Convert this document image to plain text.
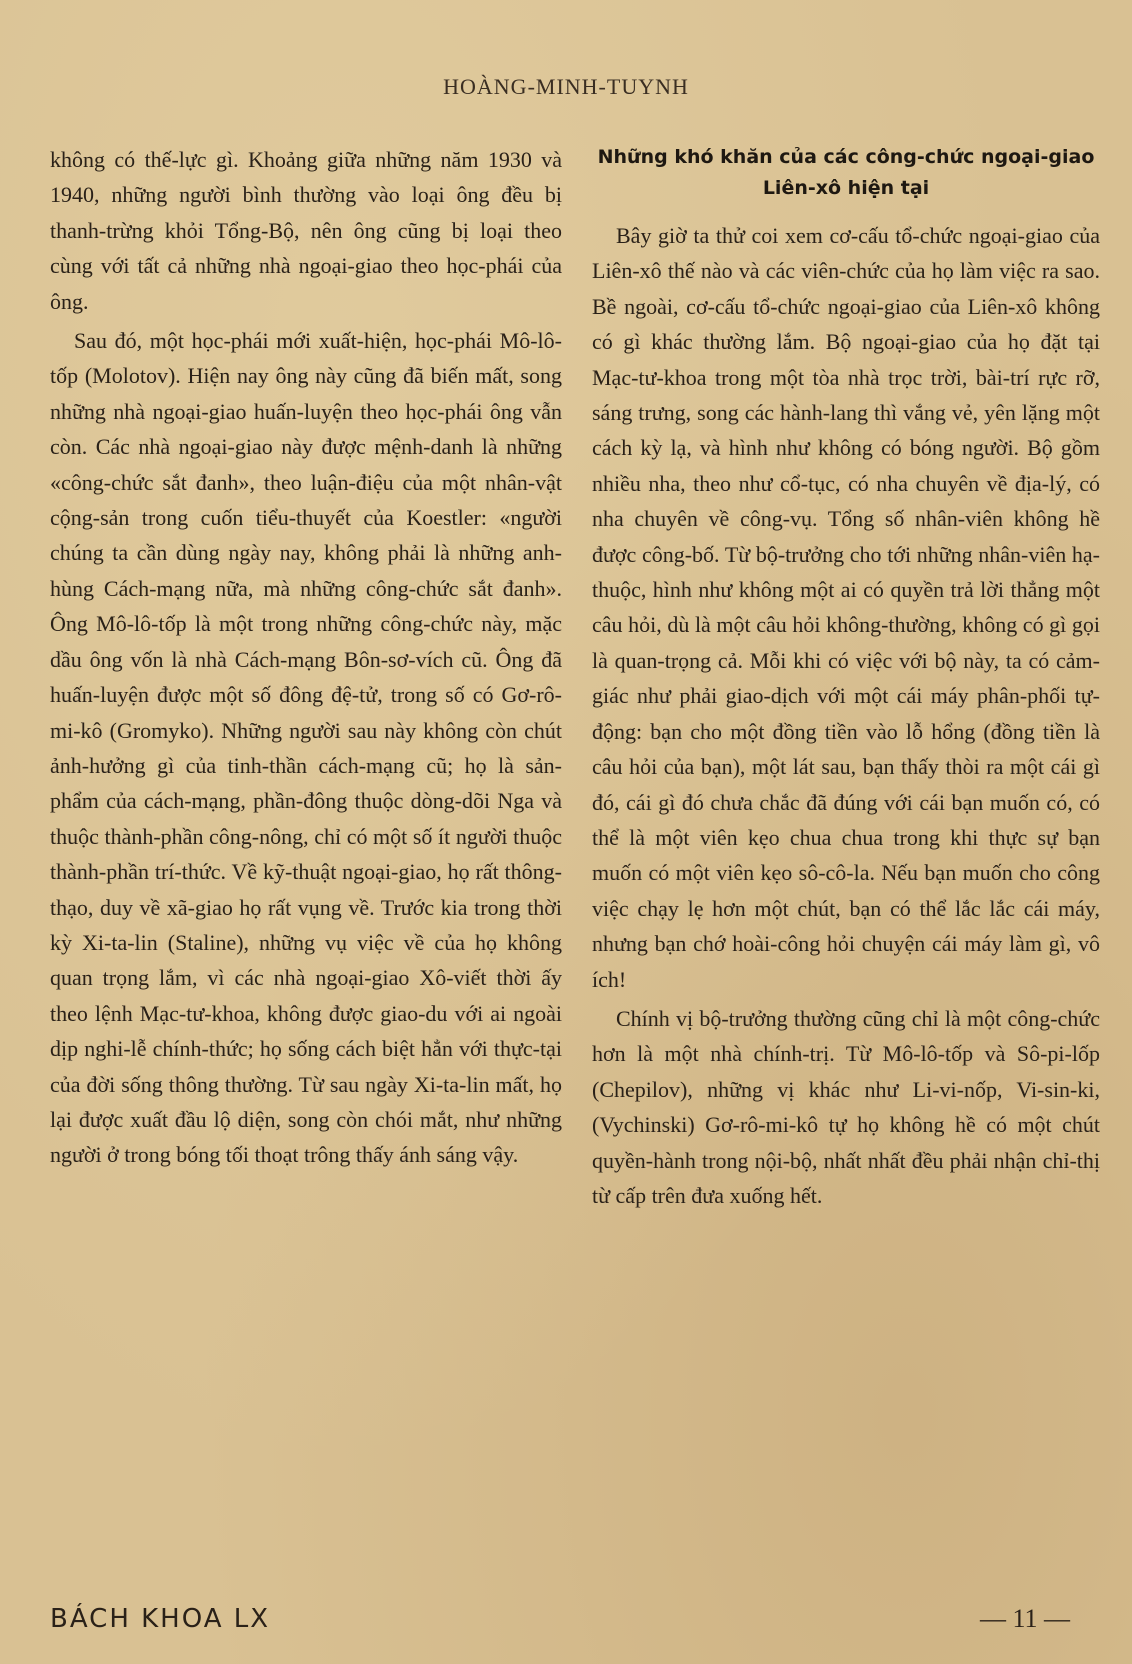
HOÀNG-MINH-TUYNH

không có thế-lực gì. Khoảng giữa những năm 1930 và 1940, những người bình thường vào loại ông đều bị thanh-trừng khỏi Tổng-Bộ, nên ông cũng bị loại theo cùng với tất cả những nhà ngoại-giao theo học-phái của ông.

Sau đó, một học-phái mới xuất-hiện, học-phái Mô-lô-tốp (Molotov). Hiện nay ông này cũng đã biến mất, song những nhà ngoại-giao huấn-luyện theo học-phái ông vẫn còn. Các nhà ngoại-giao này được mệnh-danh là những «công-chức sắt đanh», theo luận-điệu của một nhân-vật cộng-sản trong cuốn tiểu-thuyết của Koestler: «người chúng ta cần dùng ngày nay, không phải là những anh-hùng Cách-mạng nữa, mà những công-chức sắt đanh». Ông Mô-lô-tốp là một trong những công-chức này, mặc dầu ông vốn là nhà Cách-mạng Bôn-sơ-vích cũ. Ông đã huấn-luyện được một số đông đệ-tử, trong số có Gơ-rô-mi-kô (Gromyko). Những người sau này không còn chút ảnh-hưởng gì của tinh-thần cách-mạng cũ; họ là sản-phẩm của cách-mạng, phần-đông thuộc dòng-dõi Nga và thuộc thành-phần công-nông, chỉ có một số ít người thuộc thành-phần trí-thức. Về kỹ-thuật ngoại-giao, họ rất thông-thạo, duy về xã-giao họ rất vụng về. Trước kia trong thời kỳ Xi-ta-lin (Staline), những vụ việc về của họ không quan trọng lắm, vì các nhà ngoại-giao Xô-viết thời ấy theo lệnh Mạc-tư-khoa, không được giao-du với ai ngoài dịp nghi-lễ chính-thức; họ sống cách biệt hẳn với thực-tại của đời sống thông thường. Từ sau ngày Xi-ta-lin mất, họ lại được xuất đầu lộ diện, song còn chói mắt, như những người ở trong bóng tối thoạt trông thấy ánh sáng vậy.

Những khó khăn của các công-chức ngoại-giao Liên-xô hiện tại

Bây giờ ta thử coi xem cơ-cấu tổ-chức ngoại-giao của Liên-xô thế nào và các viên-chức của họ làm việc ra sao. Bề ngoài, cơ-cấu tổ-chức ngoại-giao của Liên-xô không có gì khác thường lắm. Bộ ngoại-giao của họ đặt tại Mạc-tư-khoa trong một tòa nhà trọc trời, bài-trí rực rỡ, sáng trưng, song các hành-lang thì vắng vẻ, yên lặng một cách kỳ lạ, và hình như không có bóng người. Bộ gồm nhiều nha, theo như cổ-tục, có nha chuyên về địa-lý, có nha chuyên về công-vụ. Tổng số nhân-viên không hề được công-bố. Từ bộ-trưởng cho tới những nhân-viên hạ-thuộc, hình như không một ai có quyền trả lời thẳng một câu hỏi, dù là một câu hỏi không-thường, không có gì gọi là quan-trọng cả. Mỗi khi có việc với bộ này, ta có cảm-giác như phải giao-dịch với một cái máy phân-phối tự-động: bạn cho một đồng tiền vào lỗ hổng (đồng tiền là câu hỏi của bạn), một lát sau, bạn thấy thòi ra một cái gì đó, cái gì đó chưa chắc đã đúng với cái bạn muốn có, có thể là một viên kẹo chua chua trong khi thực sự bạn muốn có một viên kẹo sô-cô-la. Nếu bạn muốn cho công việc chạy lẹ hơn một chút, bạn có thể lắc lắc cái máy, nhưng bạn chớ hoài-công hỏi chuyện cái máy làm gì, vô ích!

Chính vị bộ-trưởng thường cũng chỉ là một công-chức hơn là một nhà chính-trị. Từ Mô-lô-tốp và Sô-pi-lốp (Chepilov), những vị khác như Li-vi-nốp, Vi-sin-ki, (Vychinski) Gơ-rô-mi-kô tự họ không hề có một chút quyền-hành trong nội-bộ, nhất nhất đều phải nhận chỉ-thị từ cấp trên đưa xuống hết.

BÁCH KHOA LX	— 11 —
